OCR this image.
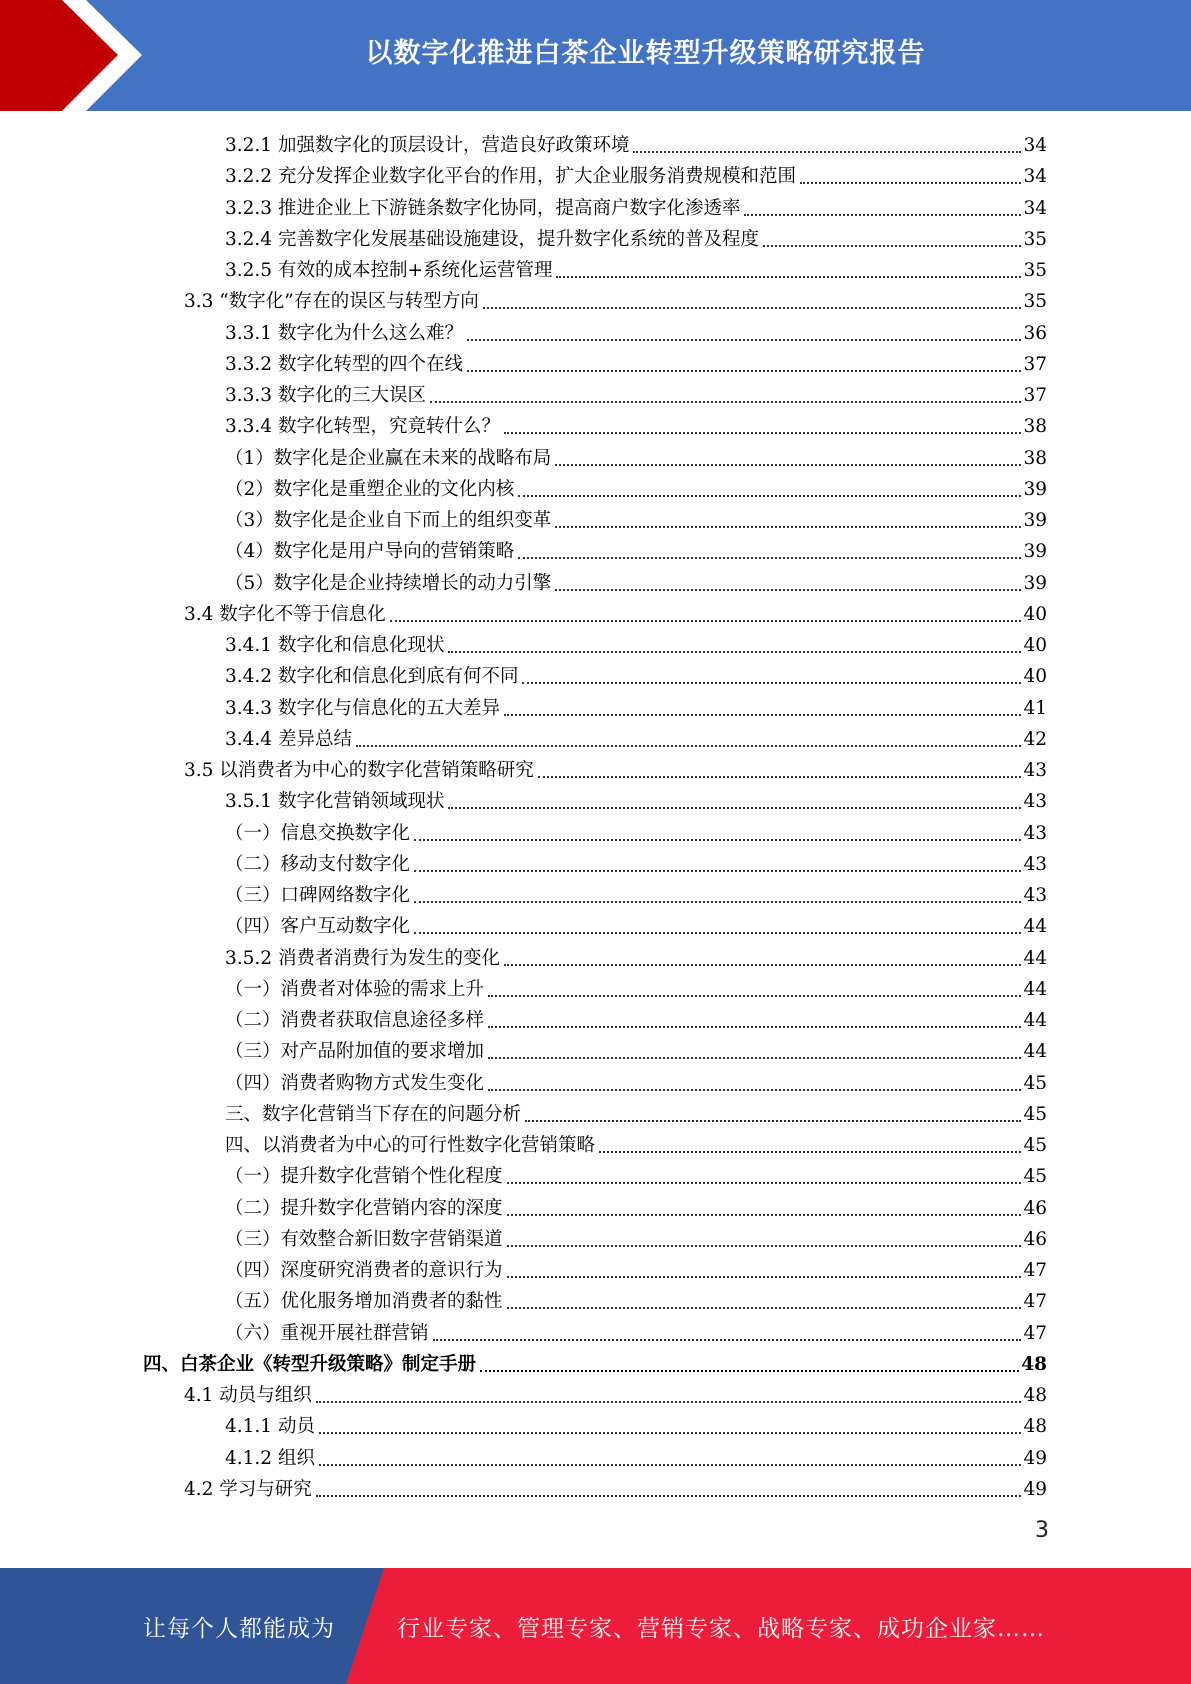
以数字化推进白茶企业转型升级策略研究报告
3.2.1 加强数字化的顶层设计，营造良好政策环境	34
3.2.2 充分发挥企业数字化平台的作用，扩大企业服务消费规模和范围	34
3.2.3 推进企业上下游链条数字化协同，提高商户数字化渗透率	34
3.2.4 完善数字化发展基础设施建设，提升数字化系统的普及程度	35
3.2.5 有效的成本控制+系统化运营管理	35
3.3 “数字化”存在的误区与转型方向	35
3.3.1 数字化为什么这么难？	36
3.3.2 数字化转型的四个在线	37
3.3.3 数字化的三大误区	37
3.3.4 数字化转型，究竟转什么？	38
（1）数字化是企业赢在未来的战略布局	38
（2）数字化是重塑企业的文化内核	39
（3）数字化是企业自下而上的组织变革	39
（4）数字化是用户导向的营销策略	39
（5）数字化是企业持续增长的动力引擎	39
3.4 数字化不等于信息化	40
3.4.1 数字化和信息化现状	40
3.4.2 数字化和信息化到底有何不同	40
3.4.3 数字化与信息化的五大差异	41
3.4.4 差异总结	42
3.5 以消费者为中心的数字化营销策略研究	43
3.5.1 数字化营销领域现状	43
（一）信息交换数字化	43
（二）移动支付数字化	43
（三）口碑网络数字化	43
（四）客户互动数字化	44
3.5.2 消费者消费行为发生的变化	44
（一）消费者对体验的需求上升	44
（二）消费者获取信息途径多样	44
（三）对产品附加值的要求增加	44
（四）消费者购物方式发生变化	45
三、数字化营销当下存在的问题分析	45
四、以消费者为中心的可行性数字化营销策略	45
（一）提升数字化营销个性化程度	45
（二）提升数字化营销内容的深度	46
（三）有效整合新旧数字营销渠道	46
（四）深度研究消费者的意识行为	47
（五）优化服务增加消费者的黏性	47
（六）重视开展社群营销	47
四、白茶企业《转型升级策略》制定手册	48
4.1 动员与组织	48
4.1.1 动员	48
4.1.2 组织	49
4.2 学习与研究	49
3
让每个人都能成为	行业专家、管理专家、营销专家、战略专家、成功企业家……
